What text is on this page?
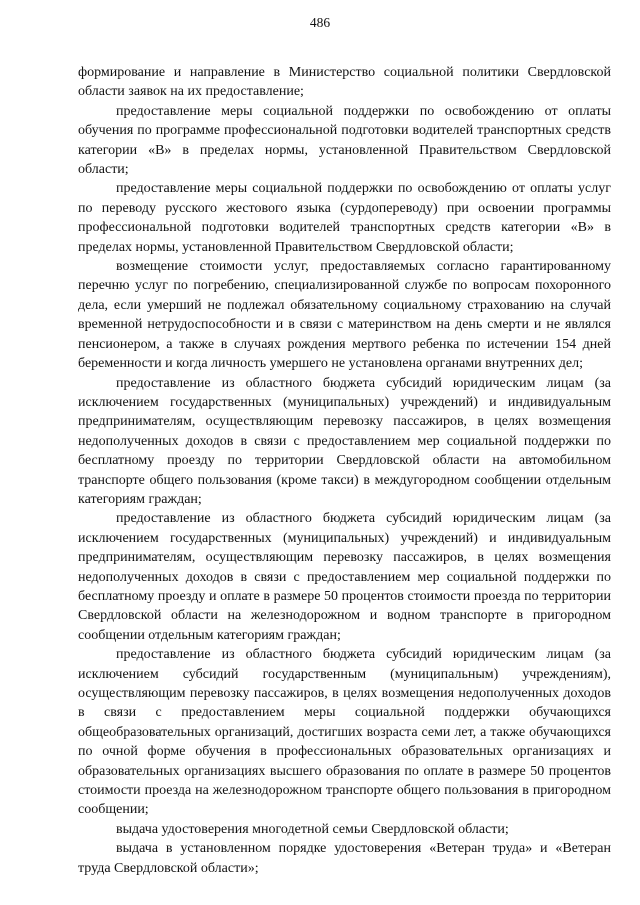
486

формирование и направление в Министерство социальной политики Свердловской области заявок на их предоставление;

предоставление меры социальной поддержки по освобождению от оплаты обучения по программе профессиональной подготовки водителей транспортных средств категории «В» в пределах нормы, установленной Правительством Свердловской области;

предоставление меры социальной поддержки по освобождению от оплаты услуг по переводу русского жестового языка (сурдопереводу) при освоении программы профессиональной подготовки водителей транспортных средств категории «В» в пределах нормы, установленной Правительством Свердловской области;

возмещение стоимости услуг, предоставляемых согласно гарантированному перечню услуг по погребению, специализированной службе по вопросам похоронного дела, если умерший не подлежал обязательному социальному страхованию на случай временной нетрудоспособности и в связи с материнством на день смерти и не являлся пенсионером, а также в случаях рождения мертвого ребенка по истечении 154 дней беременности и когда личность умершего не установлена органами внутренних дел;

предоставление из областного бюджета субсидий юридическим лицам (за исключением государственных (муниципальных) учреждений) и индивидуальным предпринимателям, осуществляющим перевозку пассажиров, в целях возмещения недополученных доходов в связи с предоставлением мер социальной поддержки по бесплатному проезду по территории Свердловской области на автомобильном транспорте общего пользования (кроме такси) в междугородном сообщении отдельным категориям граждан;

предоставление из областного бюджета субсидий юридическим лицам (за исключением государственных (муниципальных) учреждений) и индивидуальным предпринимателям, осуществляющим перевозку пассажиров, в целях возмещения недополученных доходов в связи с предоставлением мер социальной поддержки по бесплатному проезду и оплате в размере 50 процентов стоимости проезда по территории Свердловской области на железнодорожном и водном транспорте в пригородном сообщении отдельным категориям граждан;

предоставление из областного бюджета субсидий юридическим лицам (за исключением субсидий государственным (муниципальным) учреждениям), осуществляющим перевозку пассажиров, в целях возмещения недополученных доходов в связи с предоставлением меры социальной поддержки обучающихся общеобразовательных организаций, достигших возраста семи лет, а также обучающихся по очной форме обучения в профессиональных образовательных организациях и образовательных организациях высшего образования по оплате в размере 50 процентов стоимости проезда на железнодорожном транспорте общего пользования в пригородном сообщении;

выдача удостоверения многодетной семьи Свердловской области;

выдача в установленном порядке удостоверения «Ветеран труда» и «Ветеран труда Свердловской области»;
